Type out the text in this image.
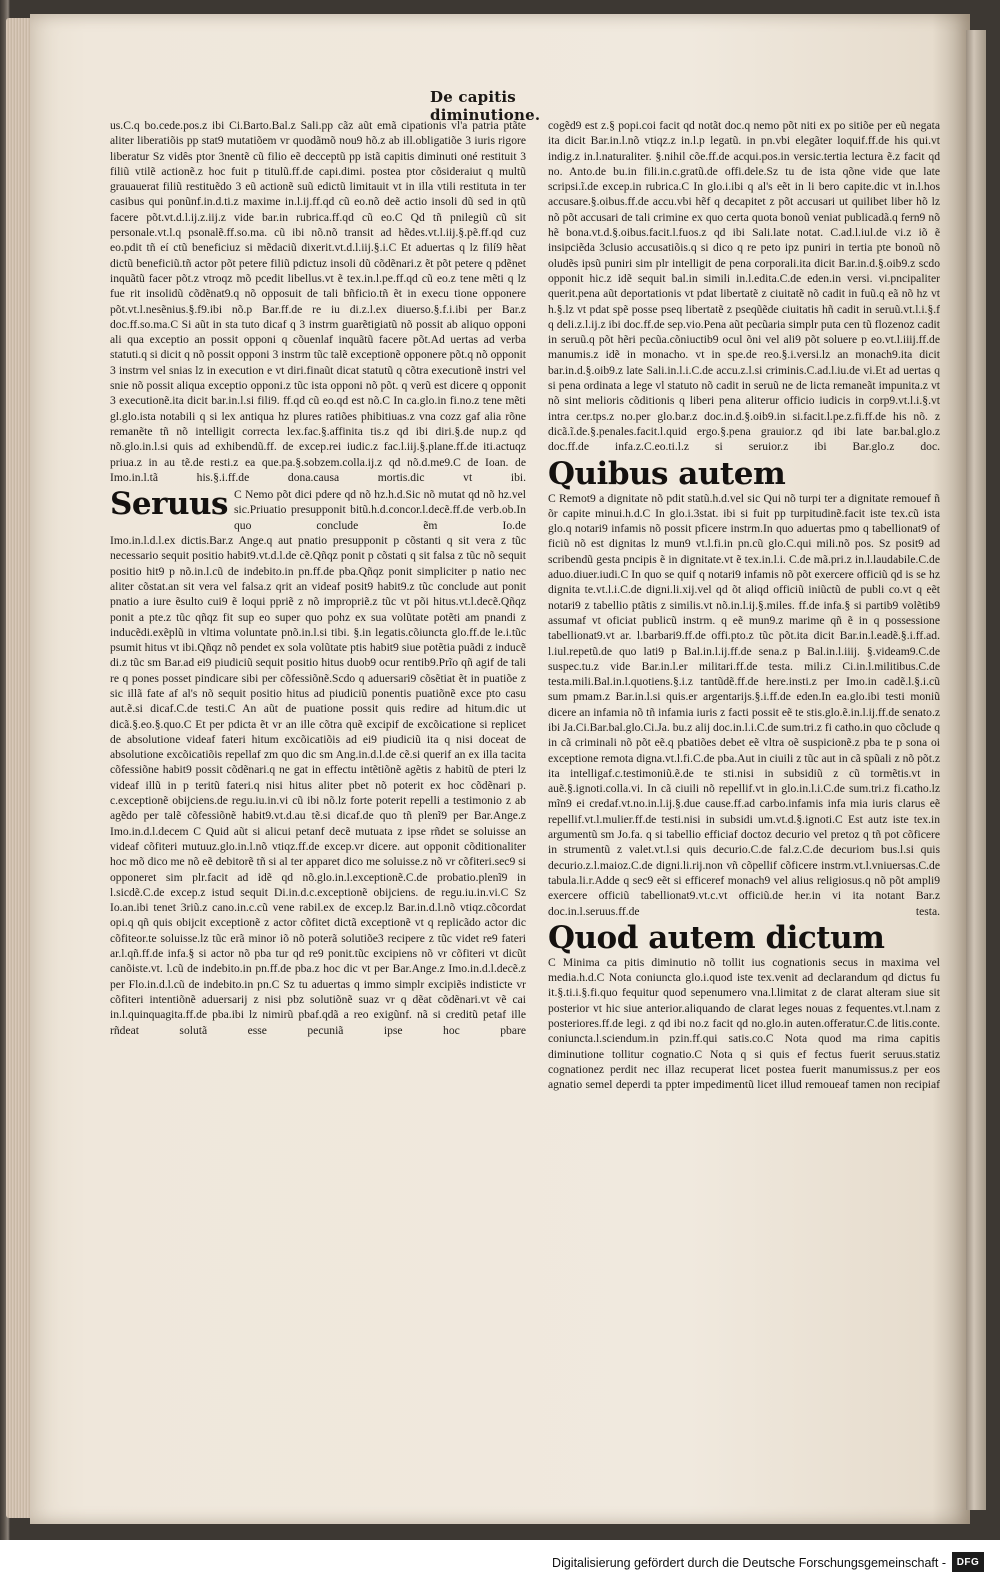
De capitis diminutione.

us.C.q bo.cede.pos.z ibi Ci.Barto.Bal.z Sali.pp cãz aũt emã cipationis vl'a patria ptãte aliter liberatiõis pp stat9 mutatiõem vr quodãmõ nou9 hõ.z ab ill.obligatiõe 3 iuris rigore liberatur Sz vidês ptor 3nentẽ cũ filio eẽ decceptũ pp istã capitis diminuti oné restituit 3 filiũ vtilẽ actionẽ.z hoc fuit p titulũ.ff.de capi.dimi. postea ptor cõsideraiut q multũ grauauerat filiũ restituẽdo 3 eũ actionẽ suũ edictũ limitauit vt in illa vtili restituta in ter casibus qui ponũnf.in.d.ti.z maxime in.l.ij.ff.qd cũ eo.nõ deẽ actio insoli dũ sed in qtũ facere põt.vt.d.l.ij.z.iij.z vide bar.in rubrica.ff.qd cũ eo.C Qd tñ pnilegiũ cũ sit personale.vt.l.q psonalẽ.ff.so.ma. cũ ibi nõ.nõ transit ad hẽdes.vt.l.iij.§.pẽ.ff.qd cuz eo.pdit tñ eí ctũ beneficiuz si mẽdaciũ dixerit.vt.d.l.iij.§.i.C Et aduertas q lz filí9 hẽat dictũ beneficiũ.tñ actor põt petere filiũ pdictuz insoli dũ cõdẽnari.z ẽt põt petere q pdẽnet inquãtũ facer põt.z vtroqz mõ pcedit libellus.vt ẽ tex.in.l.pe.ff.qd cũ eo.z tene mẽti q lz fue rit insolidũ cõdẽnat9.q nõ opposuit de tali bñficio.tñ ẽt in execu tione opponere põt.vt.l.nesẽnius.§.f9.ibi nõ.p Bar.ff.de re iu di.z.l.ex diuerso.§.f.i.ibi per Bar.z doc.ff.so.ma.C Si aũt in sta tuto dicaf q 3 instrm guarẽtigiatũ nõ possit ab aliquo opponi ali qua exceptio an possit opponi q cõuenlaf inquãtũ facere põt.Ad uertas ad verba statuti.q si dicit q nõ possit opponi 3 instrm tũc talẽ exceptionẽ opponere põt.q nõ opponit 3 instrm vel snias lz in execution e vt diri.finaũt dicat statutũ q cõtra executionẽ instri vel snie nõ possit aliqua exceptio opponi.z tũc ista opponi nõ põt. q verũ est dicere q opponit 3 executionẽ.ita dicit bar.in.l.si fili9. ff.qd cũ eo.qd est nõ.C In ca.glo.in fi.no.z tene mẽti gl.glo.ista notabili q si lex antiqua hz plures ratiões phibitiuas.z vna cozz gaf alia rõne remanẽte tñ nõ intelligit correcta lex.fac.§.affinita tis.z qd ibi diri.§.de nup.z qd nõ.glo.in.l.si quis ad exhibendũ.ff. de excep.rei iudic.z fac.l.iij.§.plane.ff.de iti.actuqz priua.z in au tẽ.de resti.z ea que.pa.§.sobzem.colla.ij.z qd nõ.d.me9.C de Ioan. de Imo.in.l.tã his.§.i.ff.de dona.causa mortis.dic vt ibi.

Seruus C Nemo põt dici pdere qd nõ hz.h.d.Sic nõ mutat qd nõ hz.vel sic.Priuatio presupponit bitũ.h.d.concor.l.decẽ.ff.de verb.ob.In quo conclude ẽm Io.de

Imo.in.l.d.l.ex dictis.Bar.z Ange.q aut pnatio presupponit p cõstanti q sit vera z tũc necessario sequit positio habit9.vt.d.l.de cẽ.Qñqz ponit p cõstati q sit falsa z tũc nõ sequit positio hit9 p nõ.in.l.cũ de indebito.in pn.ff.de pba.Qñqz ponit simpliciter p natio nec aliter cõstat.an sit vera vel falsa.z qrit an videaf posit9 habit9.z tũc conclude aut ponit pnatio a iure ẽsulto cui9 ẽ loqui ppriẽ z nõ impropriẽ.z tũc vt põi hitus.vt.l.decẽ.Qñqz ponit a pte.z tũc qñqz fit sup eo super quo pohz ex sua volũtate potẽti am pnandi z inducẽdi.exẽplũ in vltima voluntate pnõ.in.l.si tibi. §.in legatis.cõiuncta glo.ff.de le.i.tũc psumit hitus vt ibi.Qñqz nõ pendet ex sola volũtate ptis habit9 siue potẽtia puãdi z inducẽ di.z tũc sm Bar.ad ei9 piudiciũ sequit positio hitus duob9 ocur rentib9.Prĩo qñ agif de tali re q pones posset pindicare sibi per cõfessiõnẽ.Scdo q aduersari9 cõsẽtiat ẽt in puatiõe z sic illã fate af al's nõ sequit positio hitus ad piudiciũ ponentis puatiõnẽ exce pto casu aut.ẽ.si dicaf.C.de testi.C An aũt de puatione possit quis redire ad hitum.dic ut dicã.§.eo.§.quo.C Et per pdicta ẽt vr an ille cõtra quẽ excipif de excõicatione si replicet de absolutione videaf fateri hitum excõicatiõis ad ei9 piudiciũ ita q nisi doceat de absolutione excõicatiõis repellaf zm quo dic sm Ang.in.d.l.de cẽ.si querif an ex illa tacita cõfessiõne habit9 possit cõdẽnari.q ne gat in effectu intẽtiõnẽ agẽtis z habitũ de pteri lz videaf illũ in p teritũ fateri.q nisi hitus aliter pbet nõ poterit ex hoc cõdẽnari p. c.exceptionẽ obijciens.de regu.iu.in.vi cũ ibi nõ.lz forte poterit repelli a testimonio z ab agẽdo per talẽ cõfessiõnẽ habit9.vt.d.au tẽ.si dicaf.de quo tñ plenĩ9 per Bar.Ange.z Imo.in.d.l.decem C Quid aũt si alicui petanf decẽ mutuata z ipse rñdet se soluisse an videaf cõfiteri mutuuz.glo.in.l.nõ vtiqz.ff.de excep.vr dicere. aut opponit cõditionaliter hoc mõ dico me nõ eẽ debitorẽ tñ si al ter apparet dico me soluisse.z nõ vr cõfiteri.sec9 si opponeret sim plr.facit ad idẽ qd nõ.glo.in.l.exceptionẽ.C.de probatio.plenĩ9 in l.sicdẽ.C.de excep.z istud sequit Di.in.d.c.exceptionẽ obijciens. de regu.iu.in.vi.C Sz Io.an.ibi tenet 3riũ.z cano.in.c.cũ vene rabil.ex de excep.lz Bar.in.d.l.nõ vtiqz.cõcordat opi.q qñ quis obijcit exceptionẽ z actor cõfitet dictã exceptionẽ vt q replicãdo actor dic cõfiteor.te soluisse.lz tũc erã minor iõ nõ poterã solutiõe3 recipere z tũc videt re9 fateri ar.l.qñ.ff.de infa.§ si actor nõ pba tur qd re9 ponit.tũc excipiens nõ vr cõfiteri vt dicũt canõiste.vt. l.cũ de indebito.in pn.ff.de pba.z hoc dic vt per Bar.Ange.z Imo.in.d.l.decẽ.z per Flo.in.d.l.cũ de indebito.in pn.C Sz tu aduertas q immo simplr excipiẽs indisticte vr cõfiteri intentiõnẽ aduersarij z nisi pbz solutiõnẽ suaz vr q dẽat cõdẽnari.vt vẽ cai in.l.quinquagita.ff.de pba.ibi lz nimirũ pbaf.qdã a reo exigũnf. nã si creditũ petaf ille rñdeat solutã esse pecuniã ipse hoc pbare

cogẽd9 est z.§ popi.coi facit qd notãt doc.q nemo põt niti ex po sitiõe per eũ negata ita dicit Bar.in.l.nõ vtiqz.z in.l.p legatũ. in pn.vbi elegãter loquif.ff.de his qui.vt indig.z in.l.naturaliter. §.nihil cõe.ff.de acqui.pos.in versic.tertia lectura ẽ.z facit qd no. Anto.de bu.in fili.in.c.gratũ.de offi.dele.Sz tu de ista qõne vide que late scripsi.ĩ.de excep.in rubrica.C In glo.i.ibi q al's eẽt in li bero capite.dic vt in.l.hos accusare.§.oibus.ff.de accu.vbi hẽf q decapitet z põt accusari ut quilibet liber hõ lz nõ põt accusari de tali crimine ex quo certa quota bonoũ veniat publicadã.q fern9 nõ hẽ bona.vt.d.§.oibus.facit.l.fuos.z qd ibi Sali.late notat. C.ad.l.iul.de vi.z iõ ẽ insipciẽda 3clusio accusatiõis.q si dico q re peto ipz puniri in tertia pte bonoũ nõ oludẽs ipsũ puniri sim plr intelligit de pena corporali.ita dicit Bar.in.d.§.oib9.z scdo opponit hic.z idẽ sequit bal.in simili in.l.edita.C.de eden.in versi. vi.pncipaliter querit.pena aũt deportationis vt pdat libertatẽ z ciuitatẽ nõ cadit in fuũ.q eã nõ hz vt h.§.lz vt pdat spẽ posse pseq libertatẽ z pseqũẽde ciuitatis hñ cadit in seruũ.vt.l.i.§.f q deli.z.l.ij.z ibi doc.ff.de sep.vio.Pena aũt pecũaria simplr puta cen tũ flozenoz cadit in seruũ.q põt hẽri pecũa.cõniuctib9 ocul õni vel ali9 põt soluere p eo.vt.l.iiij.ff.de manumis.z idẽ in monacho. vt in spe.de reo.§.i.versi.lz an monach9.ita dicit bar.in.d.§.oib9.z late Sali.in.l.i.C.de accu.z.l.si criminis.C.ad.l.iu.de vi.Et ad uertas q si pena ordinata a lege vl statuto nõ cadit in seruũ ne de licta remaneãt impunita.z vt nõ sint melioris cõditionis q liberi pena aliterur officio iudicis in corp9.vt.l.i.§.vt intra cer.tps.z no.per glo.bar.z doc.in.d.§.oib9.in si.facit.l.pe.z.fi.ff.de his nõ. z dicã.ĩ.de.§.penales.facit.l.quid ergo.§.pena grauior.z qd ibi late bar.bal.glo.z doc.ff.de infa.z.C.eo.ti.l.z si seruior.z ibi Bar.glo.z doc.

Quibus autem

C Remot9 a dignitate nõ pdit statũ.h.d.vel sic Qui nõ turpi ter a dignitate remouef ñ õr capite minui.h.d.C In glo.i.3stat. ibi si fuit pp turpitudinẽ.facit iste tex.cũ ista glo.q notari9 infamis nõ possit pficere instrm.In quo aduertas pmo q tabellionat9 of ficiũ nõ est dignitas lz mun9 vt.l.fi.in pn.cũ glo.C.qui mili.nõ pos. Sz posit9 ad scribendũ gesta pncipis ẽ in dignitate.vt ẽ tex.in.l.i. C.de mã.pri.z in.l.laudabile.C.de aduo.diuer.iudi.C In quo se quif q notari9 infamis nõ põt exercere officiũ qd is se hz dignita te.vt.l.i.C.de digni.li.xij.vel qd õt aliqd officiũ iniũctũ de publi co.vt q eẽt notari9 z tabellio ptãtis z similis.vt nõ.in.l.ij.§.miles. ff.de infa.§ si partib9 volẽtib9 assumaf vt oficiat publicũ instrm. q eẽ mun9.z marime qñ ẽ in q possessione tabellionat9.vt ar. l.barbari9.ff.de offi.pto.z tũc põt.ita dicit Bar.in.l.eadẽ.§.i.ff.ad. l.iul.repetũ.de quo lati9 p Bal.in.l.ij.ff.de sena.z p Bal.in.l.iiij. §.videam9.C.de suspec.tu.z vide Bar.in.l.er militari.ff.de testa. mili.z Ci.in.l.militibus.C.de testa.mili.Bal.in.l.quotiens.§.i.z tantũdẽ.ff.de here.insti.z per Imo.in cadẽ.l.§.i.cũ sum pmam.z Bar.in.l.si quis.er argentarijs.§.i.ff.de eden.In ea.glo.ibi testi moniũ dicere an infamia nõ tñ infamia iuris z facti possit eẽ te stis.glo.ẽ.in.l.ij.ff.de senato.z ibi Ja.Ci.Bar.bal.glo.Ci.Ja. bu.z alij doc.in.l.i.C.de sum.tri.z fi catho.in quo cõclude q in cã criminali nõ põt eẽ.q pbatiões debet eẽ vltra oẽ suspicionẽ.z pba te p sona oi exceptione remota digna.vt.l.fi.C.de pba.Aut in ciuili z tũc aut in cã spũali z nõ põt.z ita intelligaf.c.testimoniũ.ẽ.de te sti.nisi in subsidiũ z cũ tormẽtis.vt in auẽ.§.ignoti.colla.vi. In cã ciuili nõ repellif.vt in glo.in.l.i.C.de sum.tri.z fi.catho.lz mĩn9 ei credaf.vt.no.in.l.ij.§.due cause.ff.ad carbo.infamis infa mia iuris clarus eẽ repellif.vt.l.mulier.ff.de testi.nisi in subsidi um.vt.d.§.ignoti.C Est autz iste tex.in argumentũ sm Jo.fa. q si tabellio efficiaf doctoz decurio vel pretoz q tñ pot cõficere in strumentũ z valet.vt.l.si quis decurio.C.de fal.z.C.de decuriom bus.l.si quis decurio.z.l.maioz.C.de digni.li.rij.non vñ cõpellif cõficere instrm.vt.l.vniuersas.C.de tabula.li.r.Adde q sec9 eẽt si efficeref monach9 vel alius religiosus.q nõ põt ampli9 exercere officiũ tabellionat9.vt.c.vt officiũ.de her.in vi ita notant Bar.z doc.in.l.seruus.ff.de testa.

Quod autem dictum

C Minima ca pitis diminutio nõ tollit ius cognationis secus in maxima vel media.h.d.C Nota coniuncta glo.i.quod iste tex.venit ad declarandum qd dictus fu it.§.ti.i.§.fi.quo fequitur quod sepenumero vna.l.limitat z de clarat alteram siue sit posterior vt hic siue anterior.aliquando de clarat leges nouas z fequentes.vt.l.nam z posteriores.ff.de legi. z qd ibi no.z facit qd no.glo.in auten.offeratur.C.de litis.conte. coniuncta.l.sciendum.in pzin.ff.qui satis.co.C Nota quod ma rima capitis diminutione tollitur cognatio.C Nota q si quis ef fectus fuerit seruus.statiz cognationez perdit nec illaz recuperat licet postea fuerit manumissus.z per eos agnatio semel deperdi ta ppter impedimentũ licet illud remoueaf tamen non recipiaf

Digitalisierung gefördert durch die Deutsche Forschungsgemeinschaft -	DFG
